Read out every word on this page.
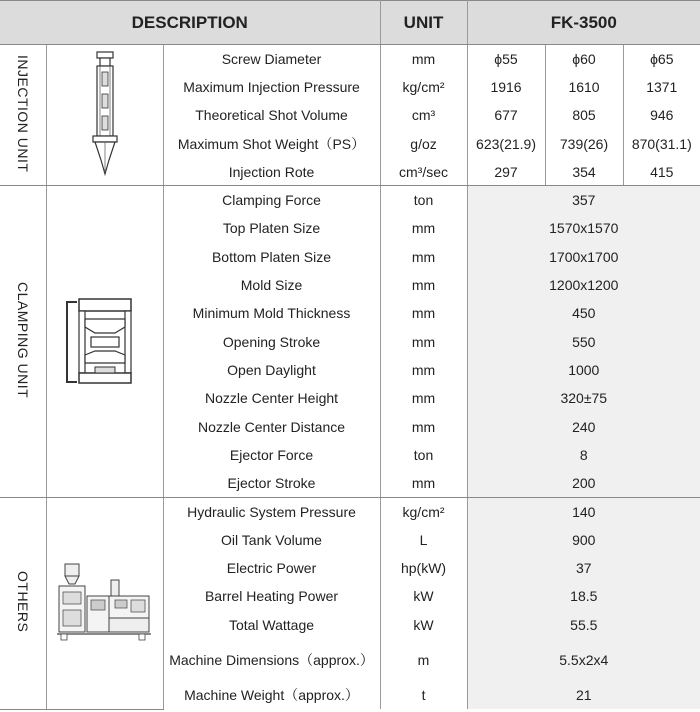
DESCRIPTION			UNIT	FK-3500		
INJECTION UNIT		Screw Diameter	mm	ϕ55	ϕ60	ϕ65
		Maximum Injection Pressure	kg/cm²	1916	1610	1371
		Theoretical Shot Volume	cm³	677	805	946
		Maximum Shot Weight（PS）	g/oz	623(21.9)	739(26)	870(31.1)
		Injection Rote	cm³/sec	297	354	415
CLAMPING UNIT		Clamping Force	ton	357		
		Top Platen Size	mm	1570x1570		
		Bottom Platen Size	mm	1700x1700		
		Mold Size	mm	1200x1200		
		Minimum Mold Thickness	mm	450		
		Opening Stroke	mm	550		
		Open Daylight	mm	1000		
		Nozzle Center Height	mm	320±75		
		Nozzle Center Distance	mm	240		
		Ejector Force	ton	8		
		Ejector Stroke	mm	200		
OTHERS		Hydraulic System Pressure	kg/cm²	140		
		Oil Tank Volume	L	900		
		Electric Power	hp(kW)	37		
		Barrel Heating Power	kW	18.5		
		Total Wattage	kW	55.5		
		Machine Dimensions（approx.）	m	5.5x2x4		
		Machine Weight（approx.）	t	21		
